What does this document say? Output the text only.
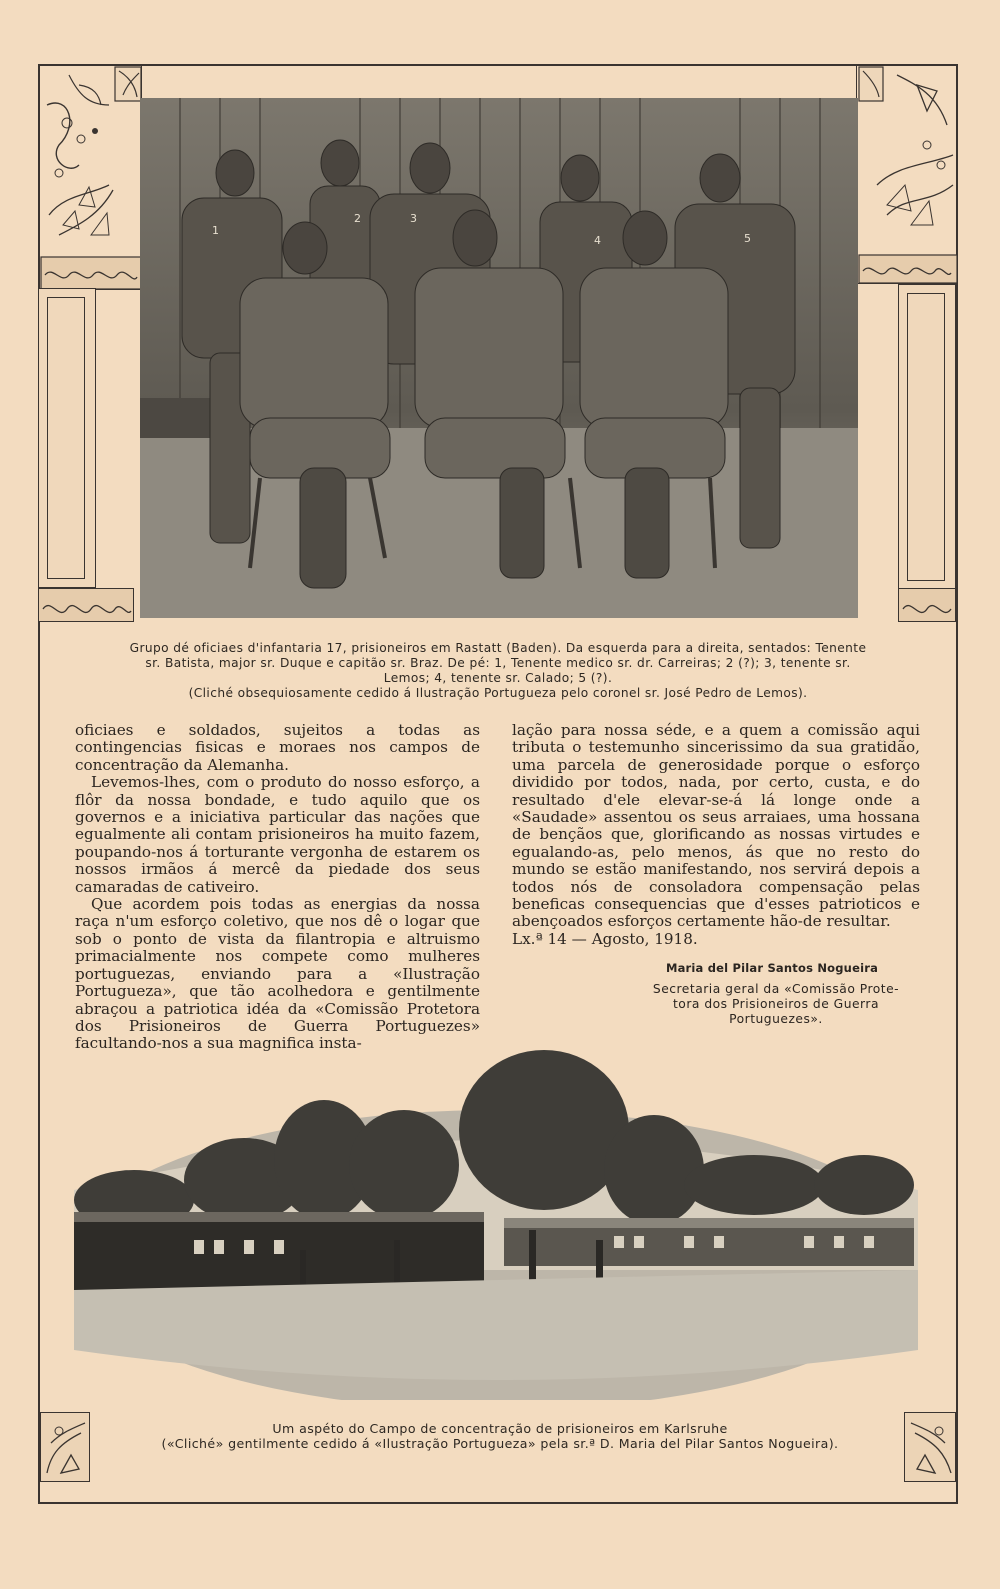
1
2	3
4	5
Grupo dé oficiaes d'infantaria 17, prisioneiros em Rastatt (Baden). Da esquerda para a direita, sentados: Tenente
sr. Batista, major sr. Duque e capitão sr. Braz. De pé: 1, Tenente medico sr. dr. Carreiras; 2 (?); 3, tenente sr.
Lemos; 4, tenente sr. Calado; 5 (?).
(Cliché obsequiosamente cedido á Ilustração Portugueza pelo coronel sr. José Pedro de Lemos).

oficiaes e soldados, sujeitos a todas as contingencias fisicas e moraes nos campos de concentração da Alemanha.

Levemos-lhes, com o produto do nosso esforço, a flôr da nossa bondade, e tudo aquilo que os governos e a iniciativa particular das nações que egualmente ali contam prisioneiros ha muito fazem, poupando-nos á torturante vergonha de estarem os nossos irmãos á mercê da piedade dos seus camaradas de cativeiro.

Que acordem pois todas as energias da nossa raça n'um esforço coletivo, que nos dê o logar que sob o ponto de vista da filantropia e altruismo primacialmente nos compete como mulheres portuguezas, enviando para a «Ilustração Portugueza», que tão acolhedora e gentilmente abraçou a patriotica idéa da «Comissão Protetora dos Prisioneiros de Guerra Portuguezes» facultando-nos a sua magnifica insta-

lação para nossa séde, e a quem a comissão aqui tributa o testemunho sincerissimo da sua gratidão, uma parcela de generosidade porque o esforço dividido por todos, nada, por certo, custa, e do resultado d'ele elevar-se-á lá longe onde a «Saudade» assentou os seus arraiaes, uma hossana de bençãos que, glorificando as nossas virtudes e egualando-as, pelo menos, ás que no resto do mundo se estão manifestando, nos servirá depois a todos nós de consoladora compensação pelas beneficas consequencias que d'esses patrioticos e abençoados esforços certamente hão-de resultar.

Lx.ª 14 — Agosto, 1918.

Maria del Pilar Santos Nogueira
Secretaria geral da «Comissão Prote-
tora dos Prisioneiros de Guerra
Portuguezes».
Um aspéto do Campo de concentração de prisioneiros em Karlsruhe
(«Cliché» gentilmente cedido á «Ilustração Portugueza» pela sr.ª D. Maria del Pilar Santos Nogueira).
